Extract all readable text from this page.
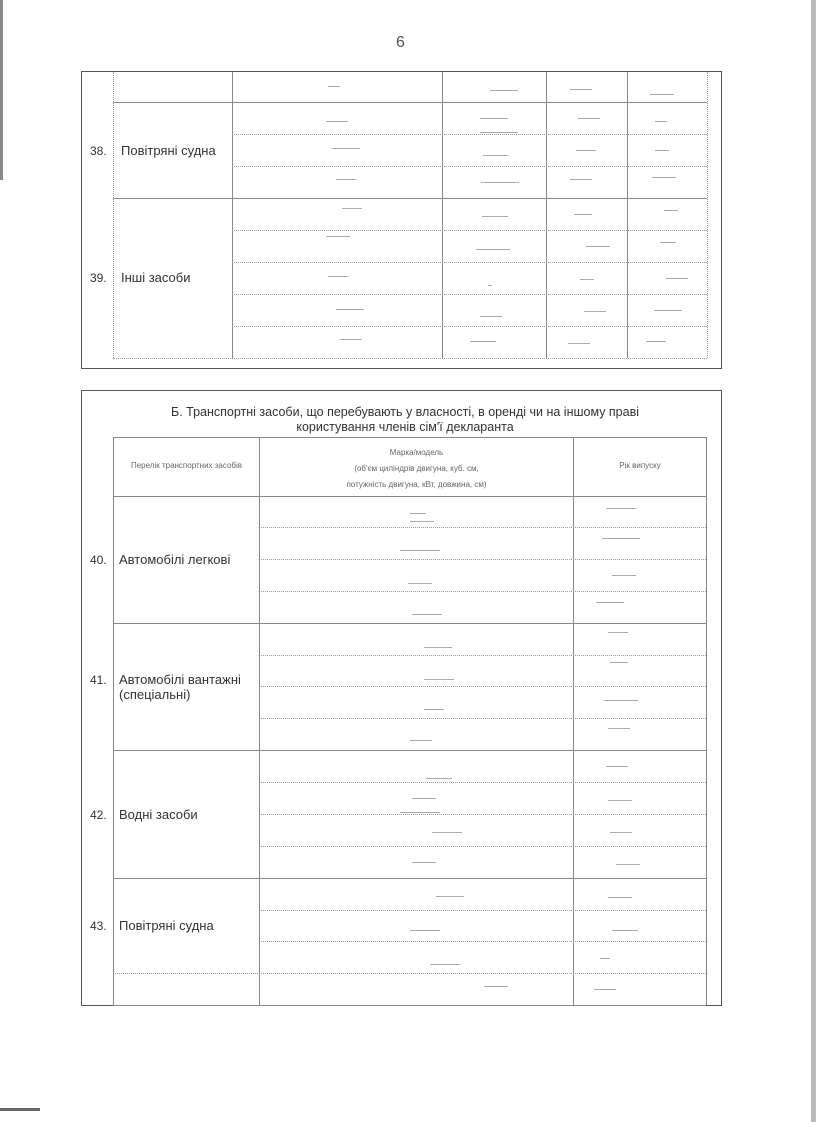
6
38. Повітряні судна
39. Інші засоби
Б. Транспортні засоби, що перебувають у власності, в оренді чи на іншому праві
користування членів сім'ї декларанта
Перелік транспортних засобів
Марка/модель
(об'єм циліндрів двигуна, куб. см,
потужність двигуна, кВт, довжина, см)
Рік випуску
40. Автомобілі легкові
41. Автомобілі вантажні
(спеціальні)
42. Водні засоби
43. Повітряні судна
